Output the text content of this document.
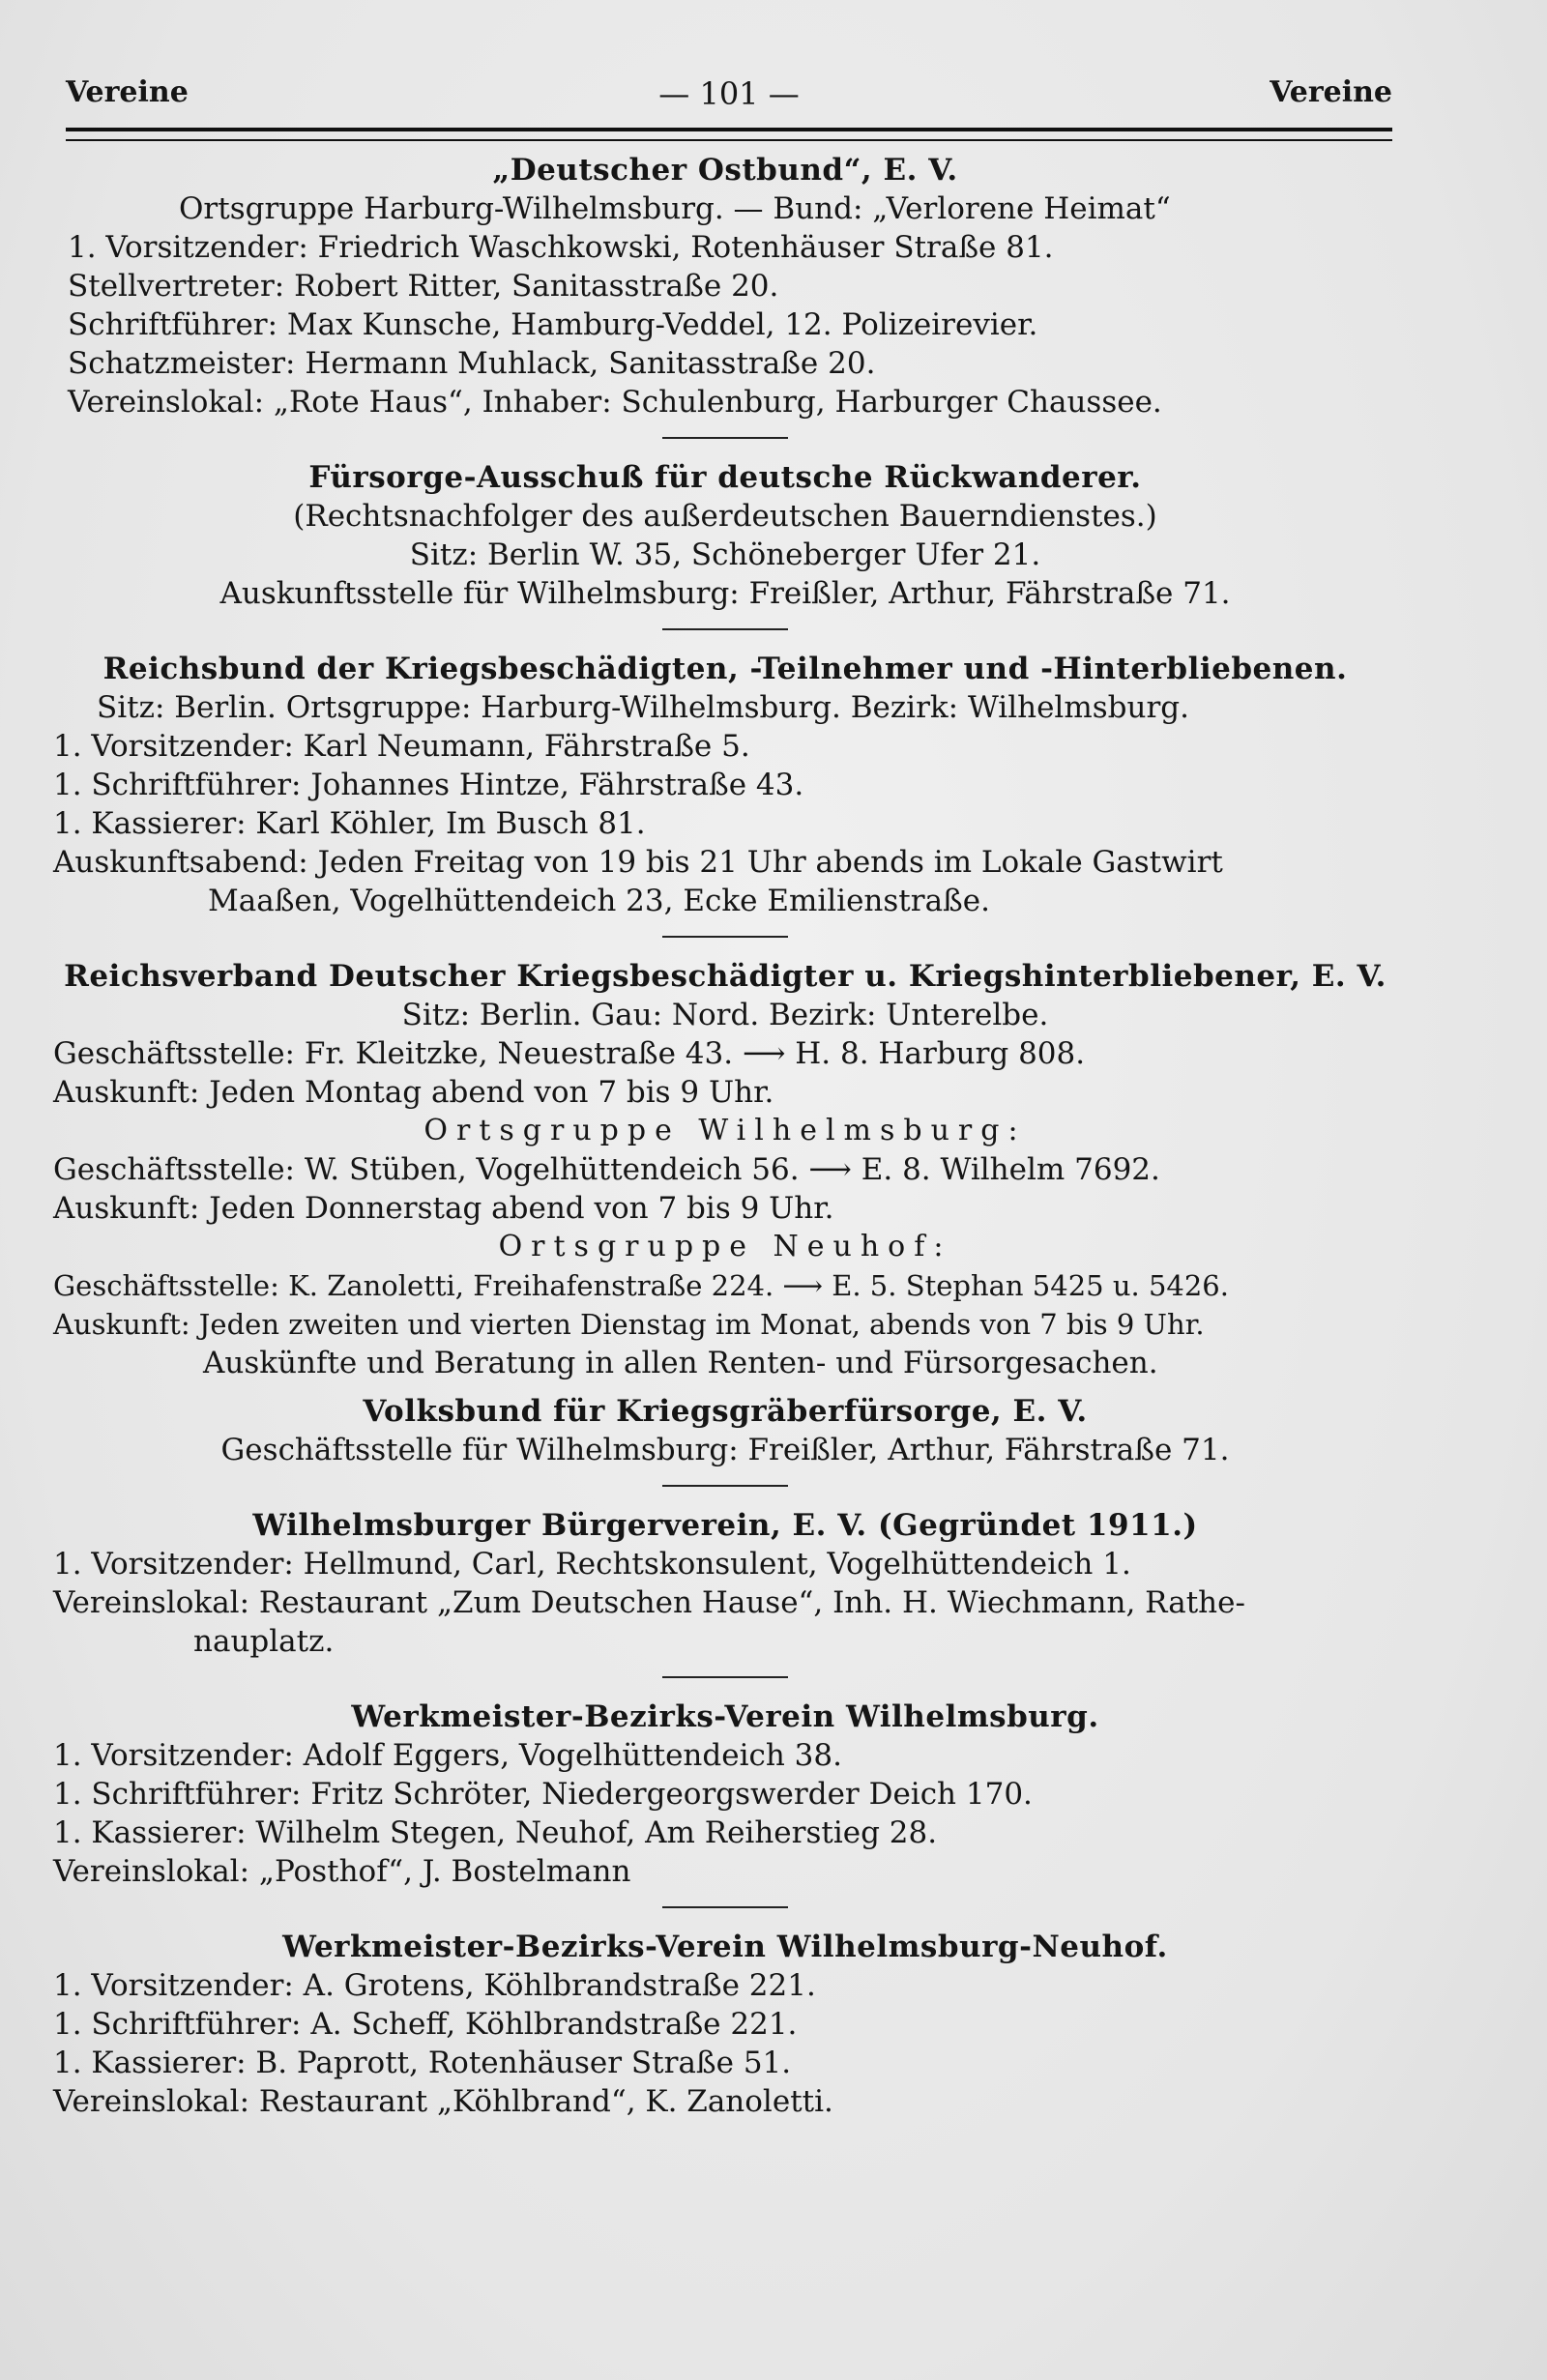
Vereine	— 101 —	Vereine
„Deutscher Ostbund“, E. V.
Ortsgruppe Harburg-Wilhelmsburg. — Bund: „Verlorene Heimat“
1. Vorsitzender: Friedrich Waschkowski, Rotenhäuser Straße 81.
Stellvertreter: Robert Ritter, Sanitasstraße 20.
Schriftführer: Max Kunsche, Hamburg-Veddel, 12. Polizeirevier.
Schatzmeister: Hermann Muhlack, Sanitasstraße 20.
Vereinslokal: „Rote Haus“, Inhaber: Schulenburg, Harburger Chaussee.
Fürsorge-Ausschuß für deutsche Rückwanderer.
(Rechtsnachfolger des außerdeutschen Bauerndienstes.)
Sitz: Berlin W. 35, Schöneberger Ufer 21.
Auskunftsstelle für Wilhelmsburg: Freißler, Arthur, Fährstraße 71.
Reichsbund der Kriegsbeschädigten, -Teilnehmer und -Hinterbliebenen.
Sitz: Berlin. Ortsgruppe: Harburg-Wilhelmsburg. Bezirk: Wilhelmsburg.
1. Vorsitzender: Karl Neumann, Fährstraße 5.
1. Schriftführer: Johannes Hintze, Fährstraße 43.
1. Kassierer: Karl Köhler, Im Busch 81.
Auskunftsabend: Jeden Freitag von 19 bis 21 Uhr abends im Lokale Gastwirt
Maaßen, Vogelhüttendeich 23, Ecke Emilienstraße.
Reichsverband Deutscher Kriegsbeschädigter u. Kriegshinterbliebener, E. V.
Sitz: Berlin. Gau: Nord. Bezirk: Unterelbe.
Geschäftsstelle: Fr. Kleitzke, Neuestraße 43. ⟶ H. 8. Harburg 808.
Auskunft: Jeden Montag abend von 7 bis 9 Uhr.
Ortsgruppe Wilhelmsburg:
Geschäftsstelle: W. Stüben, Vogelhüttendeich 56. ⟶ E. 8. Wilhelm 7692.
Auskunft: Jeden Donnerstag abend von 7 bis 9 Uhr.
Ortsgruppe Neuhof:
Geschäftsstelle: K. Zanoletti, Freihafenstraße 224. ⟶ E. 5. Stephan 5425 u. 5426.
Auskunft: Jeden zweiten und vierten Dienstag im Monat, abends von 7 bis 9 Uhr.
Auskünfte und Beratung in allen Renten- und Fürsorgesachen.
Volksbund für Kriegsgräberfürsorge, E. V.
Geschäftsstelle für Wilhelmsburg: Freißler, Arthur, Fährstraße 71.
Wilhelmsburger Bürgerverein, E. V. (Gegründet 1911.)
1. Vorsitzender: Hellmund, Carl, Rechtskonsulent, Vogelhüttendeich 1.
Vereinslokal: Restaurant „Zum Deutschen Hause“, Inh. H. Wiechmann, Rathe-
nauplatz.
Werkmeister-Bezirks-Verein Wilhelmsburg.
1. Vorsitzender: Adolf Eggers, Vogelhüttendeich 38.
1. Schriftführer: Fritz Schröter, Niedergeorgswerder Deich 170.
1. Kassierer: Wilhelm Stegen, Neuhof, Am Reiherstieg 28.
Vereinslokal: „Posthof“, J. Bostelmann
Werkmeister-Bezirks-Verein Wilhelmsburg-Neuhof.
1. Vorsitzender: A. Grotens, Köhlbrandstraße 221.
1. Schriftführer: A. Scheff, Köhlbrandstraße 221.
1. Kassierer: B. Paprott, Rotenhäuser Straße 51.
Vereinslokal: Restaurant „Köhlbrand“, K. Zanoletti.
